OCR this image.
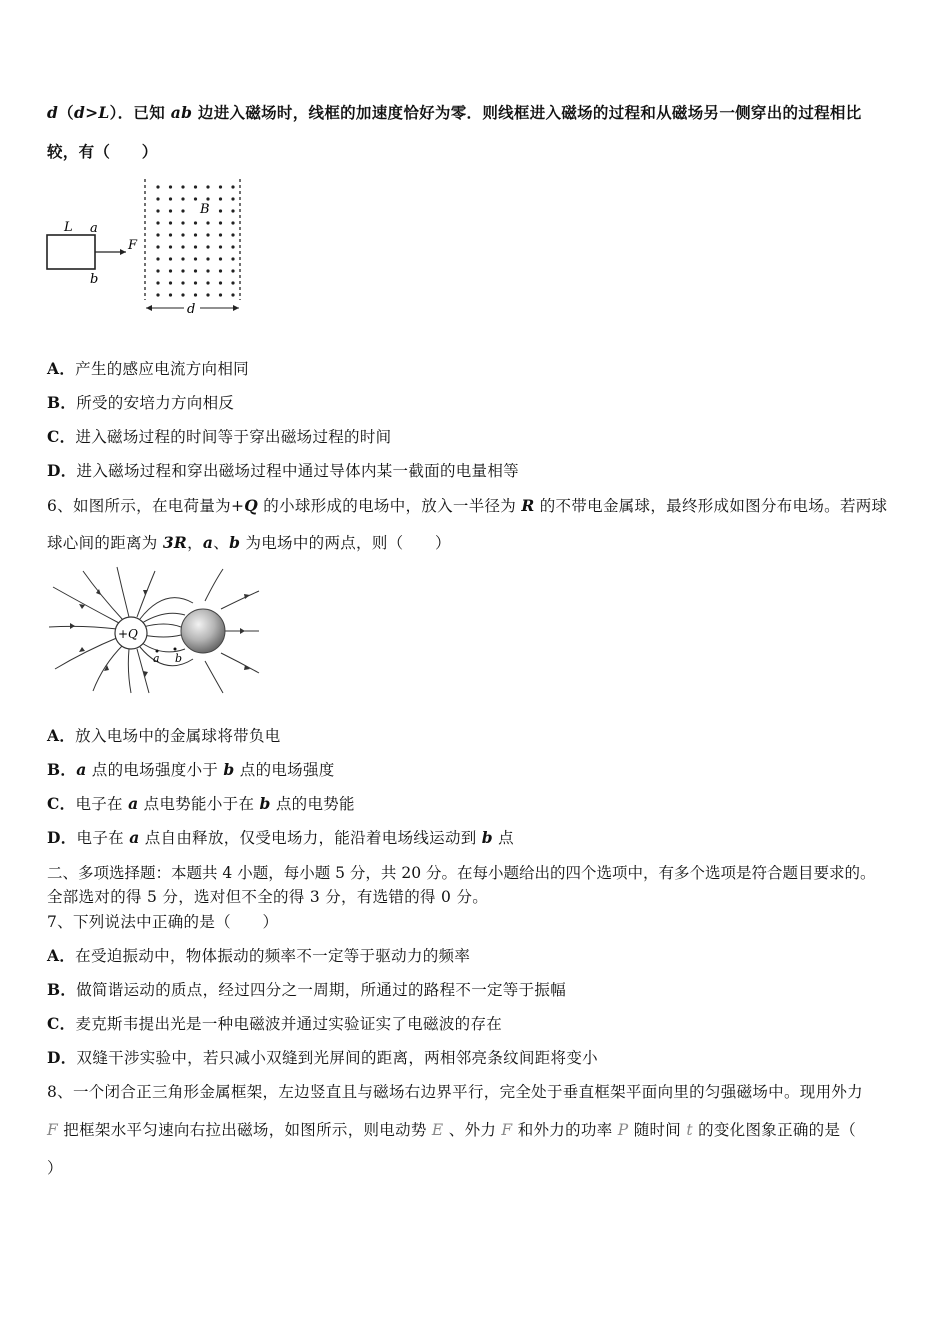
d（d>L）．已知 ab 边进入磁场时，线框的加速度恰好为零．则线框进入磁场的过程和从磁场另一侧穿出的过程相比
较，有（　　）
L a
b
F
B
d
A．产生的感应电流方向相同
B．所受的安培力方向相反
C．进入磁场过程的时间等于穿出磁场过程的时间
D．进入磁场过程和穿出磁场过程中通过导体内某一截面的电量相等
6、如图所示，在电荷量为+Q 的小球形成的电场中，放入一半径为 R 的不带电金属球，最终形成如图分布电场。若两球
球心间的距离为 3R，a、b 为电场中的两点，则（　　）
+Q
a b
A．放入电场中的金属球将带负电
B．a 点的电场强度小于 b 点的电场强度
C．电子在 a 点电势能小于在 b 点的电势能
D．电子在 a 点自由释放，仅受电场力，能沿着电场线运动到 b 点
二、多项选择题：本题共 4 小题，每小题 5 分，共 20 分。在每小题给出的四个选项中，有多个选项是符合题目要求的。
全部选对的得 5 分，选对但不全的得 3 分，有选错的得 0 分。
7、下列说法中正确的是（　　）
A．在受迫振动中，物体振动的频率不一定等于驱动力的频率
B．做简谐运动的质点，经过四分之一周期，所通过的路程不一定等于振幅
C．麦克斯韦提出光是一种电磁波并通过实验证实了电磁波的存在
D．双缝干涉实验中，若只减小双缝到光屏间的距离，两相邻亮条纹间距将变小
8、一个闭合正三角形金属框架，左边竖直且与磁场右边界平行，完全处于垂直框架平面向里的匀强磁场中。现用外力
F 把框架水平匀速向右拉出磁场，如图所示，则电动势 E 、外力 F 和外力的功率 P 随时间 t 的变化图象正确的是（
）
